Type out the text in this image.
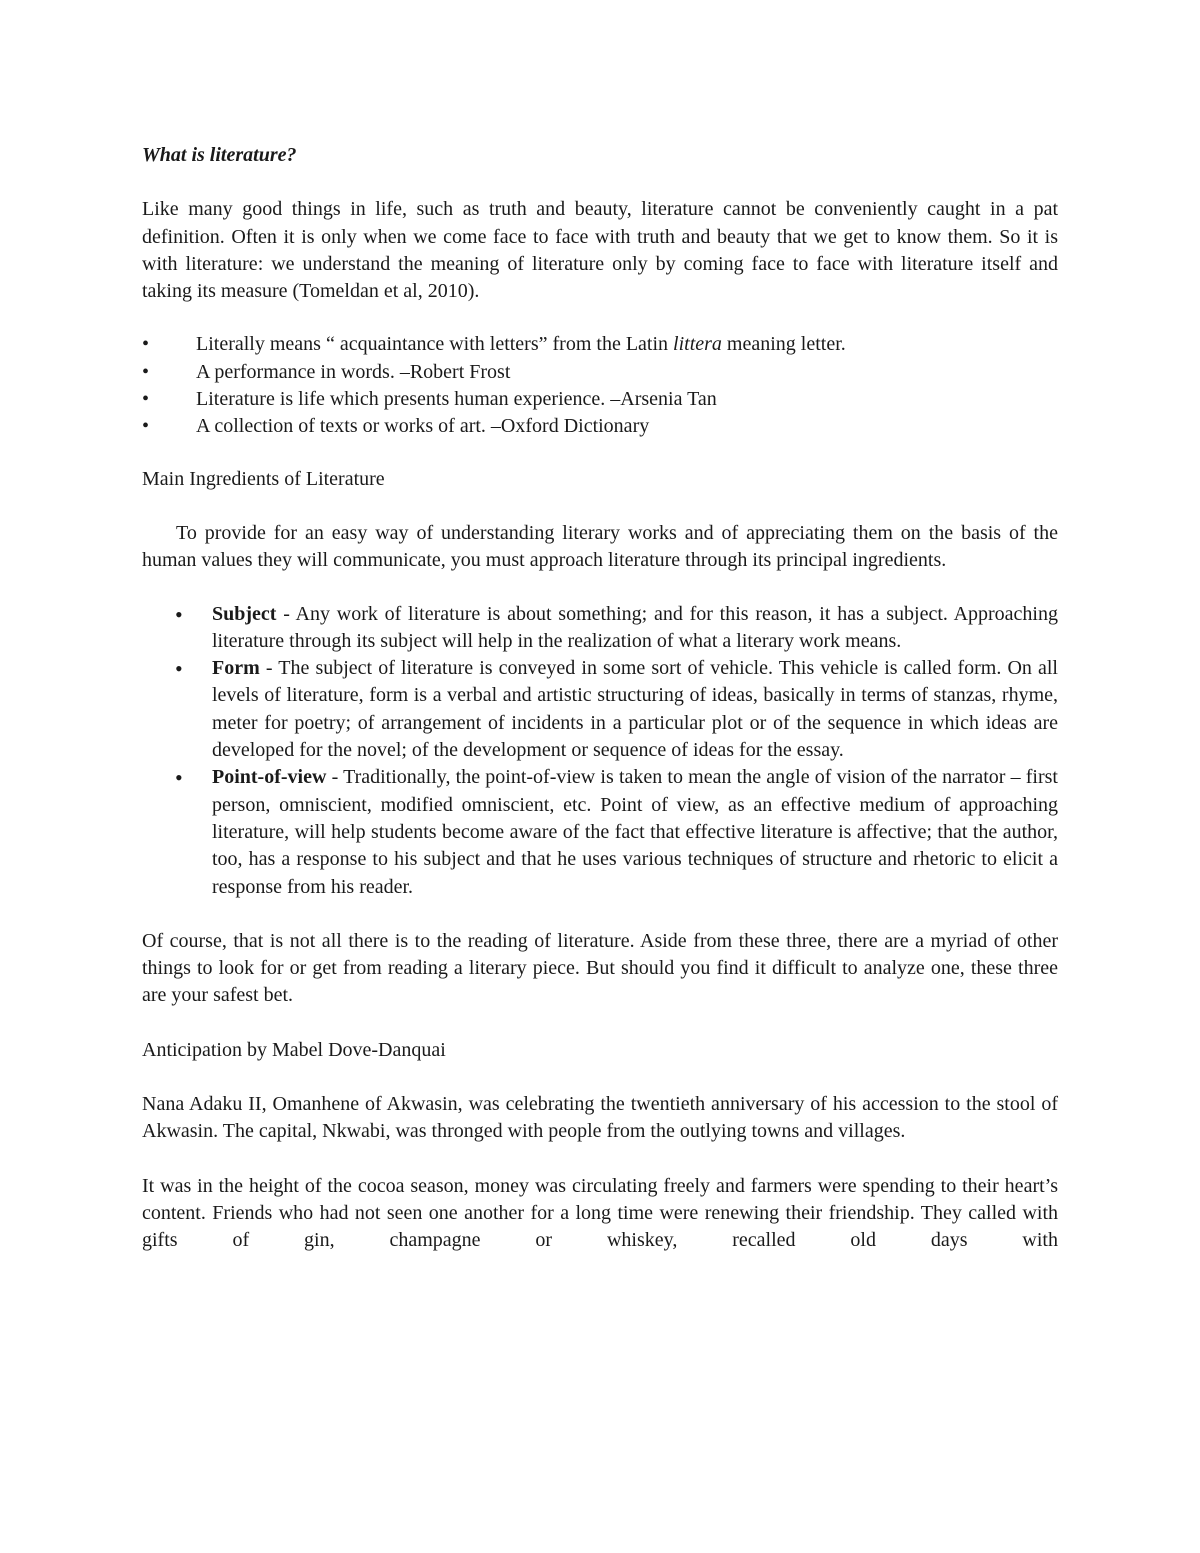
What is literature?

Like many good things in life, such as truth and beauty, literature cannot be conveniently caught in a pat definition. Often it is only when we come face to face with truth and beauty that we get to know them. So it is with literature: we understand the meaning of literature only by coming face to face with literature itself and taking its measure (Tomeldan et al, 2010).

• Literally means “ acquaintance with letters” from the Latin littera meaning letter.
• A performance in words. –Robert Frost
• Literature is life which presents human experience. –Arsenia Tan
• A collection of texts or works of art. –Oxford Dictionary

Main Ingredients of Literature

To provide for an easy way of understanding literary works and of appreciating them on the basis of the human values they will communicate, you must approach literature through its principal ingredients.

• Subject - Any work of literature is about something; and for this reason, it has a subject. Approaching literature through its subject will help in the realization of what a literary work means.
• Form - The subject of literature is conveyed in some sort of vehicle. This vehicle is called form. On all levels of literature, form is a verbal and artistic structuring of ideas, basically in terms of stanzas, rhyme, meter for poetry; of arrangement of incidents in a particular plot or of the sequence in which ideas are developed for the novel; of the development or sequence of ideas for the essay.
• Point-of-view - Traditionally, the point-of-view is taken to mean the angle of vision of the narrator – first person, omniscient, modified omniscient, etc. Point of view, as an effective medium of approaching literature, will help students become aware of the fact that effective literature is affective; that the author, too, has a response to his subject and that he uses various techniques of structure and rhetoric to elicit a response from his reader.

Of course, that is not all there is to the reading of literature. Aside from these three, there are a myriad of other things to look for or get from reading a literary piece. But should you find it difficult to analyze one, these three are your safest bet.

Anticipation by Mabel Dove-Danquai

Nana Adaku II, Omanhene of Akwasin, was celebrating the twentieth anniversary of his accession to the stool of Akwasin. The capital, Nkwabi, was thronged with people from the outlying towns and villages.

It was in the height of the cocoa season, money was circulating freely and farmers were spending to their heart’s content. Friends who had not seen one another for a long time were renewing their friendship. They called with gifts of gin, champagne or whiskey, recalled old days with
